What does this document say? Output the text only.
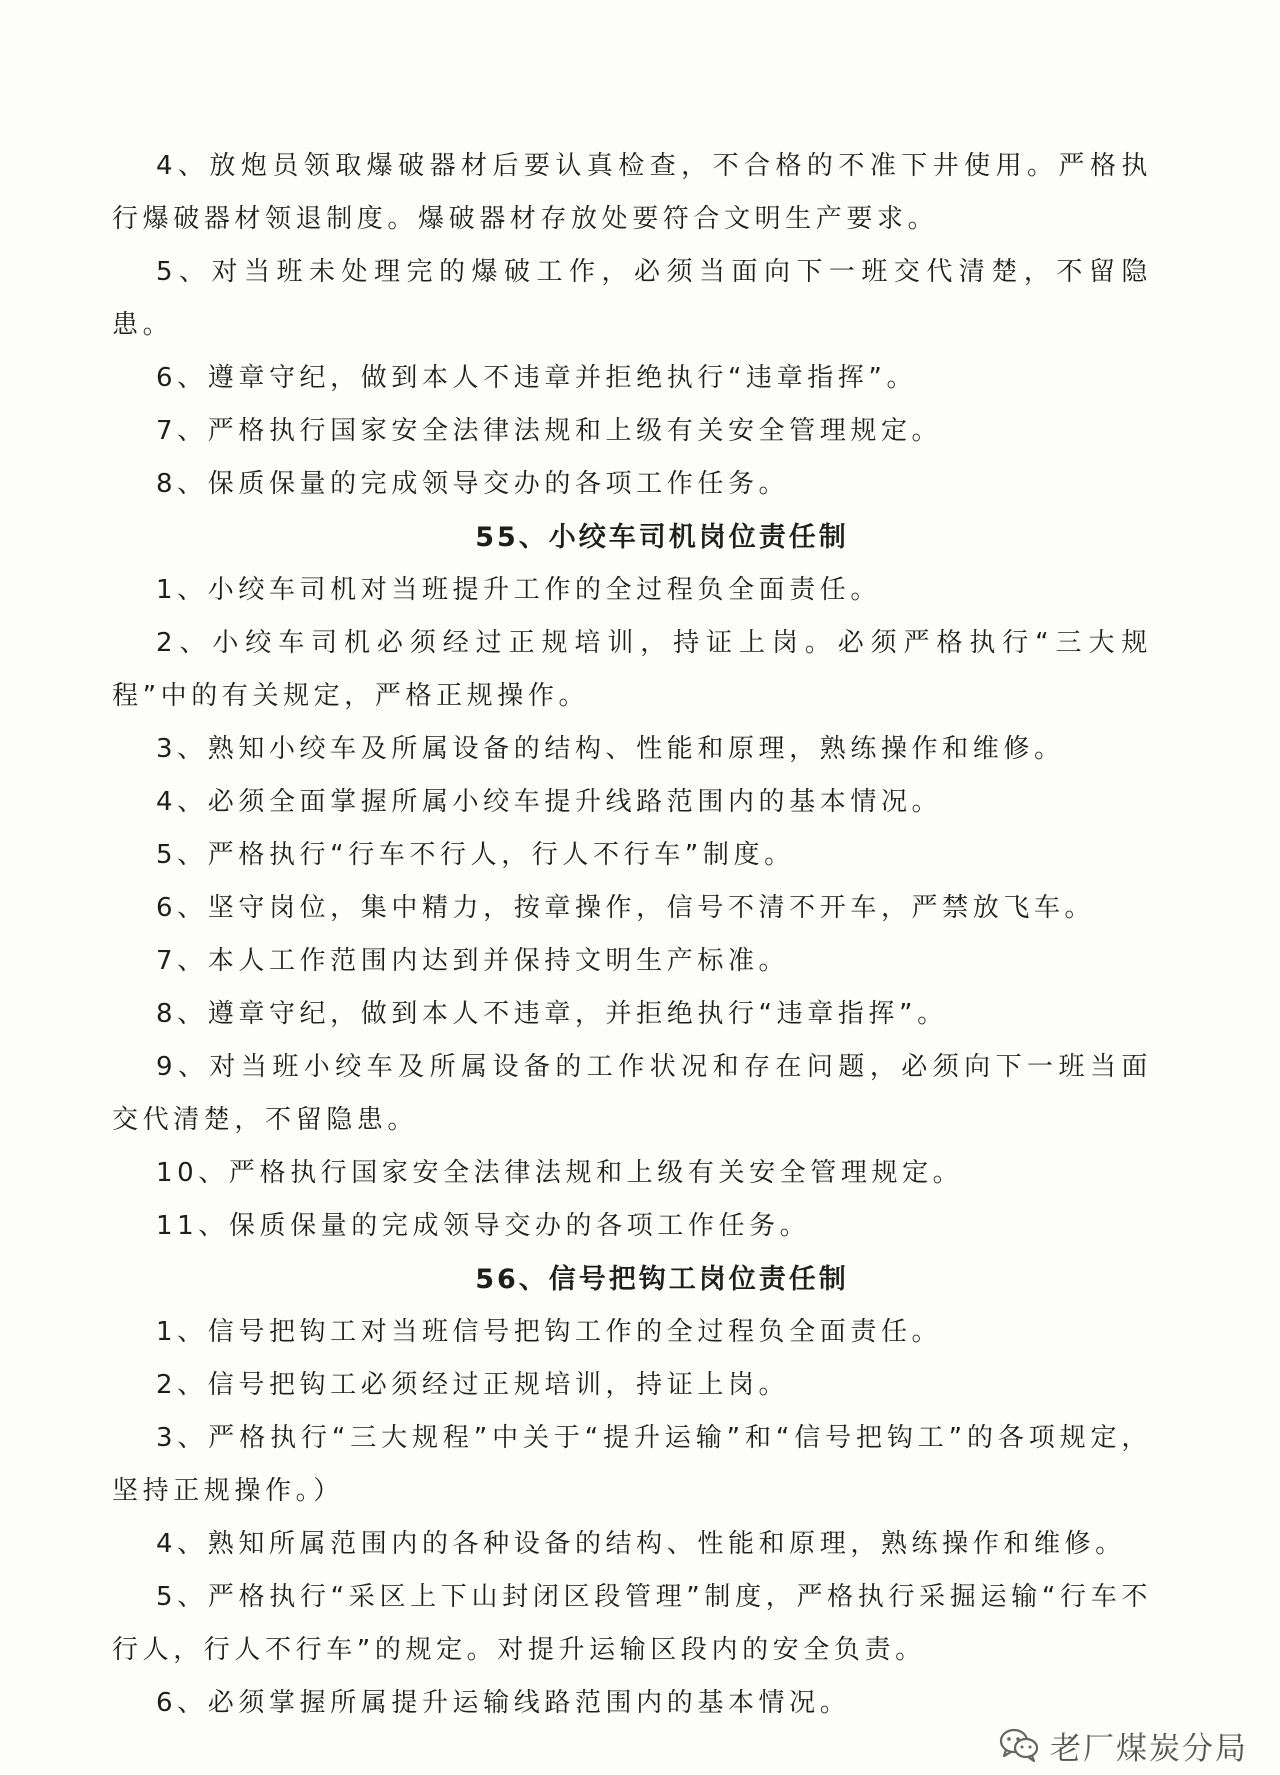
4、放炮员领取爆破器材后要认真检查，不合格的不准下井使用。严格执行爆破器材领退制度。爆破器材存放处要符合文明生产要求。

5、对当班未处理完的爆破工作，必须当面向下一班交代清楚，不留隐患。

6、遵章守纪，做到本人不违章并拒绝执行“违章指挥”。

7、严格执行国家安全法律法规和上级有关安全管理规定。

8、保质保量的完成领导交办的各项工作任务。

55、小绞车司机岗位责任制

1、小绞车司机对当班提升工作的全过程负全面责任。

2、小绞车司机必须经过正规培训，持证上岗。必须严格执行“三大规程”中的有关规定，严格正规操作。

3、熟知小绞车及所属设备的结构、性能和原理，熟练操作和维修。

4、必须全面掌握所属小绞车提升线路范围内的基本情况。

5、严格执行“行车不行人，行人不行车”制度。

6、坚守岗位，集中精力，按章操作，信号不清不开车，严禁放飞车。

7、本人工作范围内达到并保持文明生产标准。

8、遵章守纪，做到本人不违章，并拒绝执行“违章指挥”。

9、对当班小绞车及所属设备的工作状况和存在问题，必须向下一班当面交代清楚，不留隐患。

10、严格执行国家安全法律法规和上级有关安全管理规定。

11、保质保量的完成领导交办的各项工作任务。

56、信号把钩工岗位责任制

1、信号把钩工对当班信号把钩工作的全过程负全面责任。

2、信号把钩工必须经过正规培训，持证上岗。

3、严格执行“三大规程”中关于“提升运输”和“信号把钩工”的各项规定，坚持正规操作。）

4、熟知所属范围内的各种设备的结构、性能和原理，熟练操作和维修。

5、严格执行“采区上下山封闭区段管理”制度，严格执行采掘运输“行车不行人，行人不行车”的规定。对提升运输区段内的安全负责。

6、必须掌握所属提升运输线路范围内的基本情况。

老厂煤炭分局
